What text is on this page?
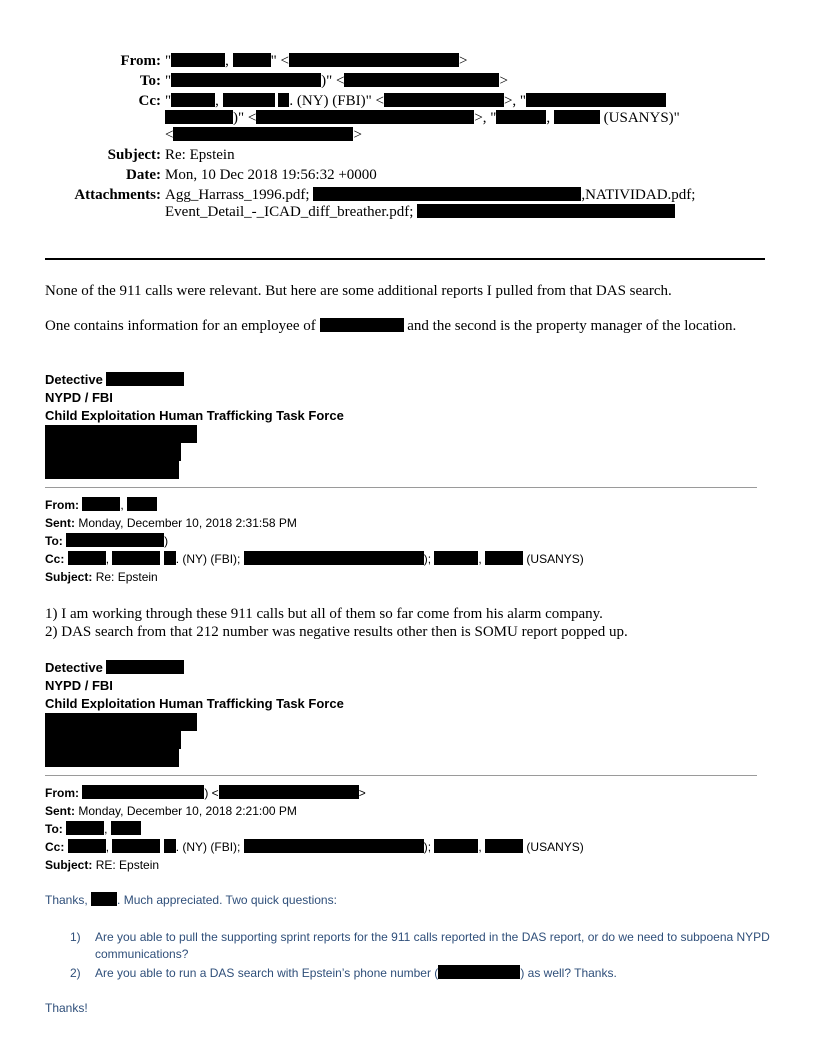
From: "	,	" <	>
To: "	)" <	>
Cc: "	,	. (NY) (FBI)" <	>, "
)" <	>, "	,	(USANYS)"
<	>
Subject: Re: Epstein
Date: Mon, 10 Dec 2018 19:56:32 +0000
Attachments: Agg_Harrass_1996.pdf;	,NATIVIDAD.pdf;
Event_Detail_-_ICAD_diff_breather.pdf;
None of the 911 calls were relevant. But here are some additional reports I pulled from that DAS search.
One contains information for an employee of	and the second is the property manager of the location.
Detective
NYPD / FBI
Child Exploitation Human Trafficking Task Force
From:	,
Sent: Monday, December 10, 2018 2:31:58 PM
To:	)
Cc:	,	. (NY) (FBI);	);	,	(USANYS)
Subject: Re: Epstein
1) I am working through these 911 calls but all of them so far come from his alarm company.
2) DAS search from that 212 number was negative results other then is SOMU report popped up.
Detective
NYPD / FBI
Child Exploitation Human Trafficking Task Force
From:	) <	>
Sent: Monday, December 10, 2018 2:21:00 PM
To:	,
Cc:	,	. (NY) (FBI);	);	,	(USANYS)
Subject: RE: Epstein
Thanks, . Much appreciated. Two quick questions:
1)	Are you able to pull the supporting sprint reports for the 911 calls reported in the DAS report, or do we need to subpoena NYPD communications?
2)	Are you able to run a DAS search with Epstein’s phone number (	) as well? Thanks.
Thanks!
